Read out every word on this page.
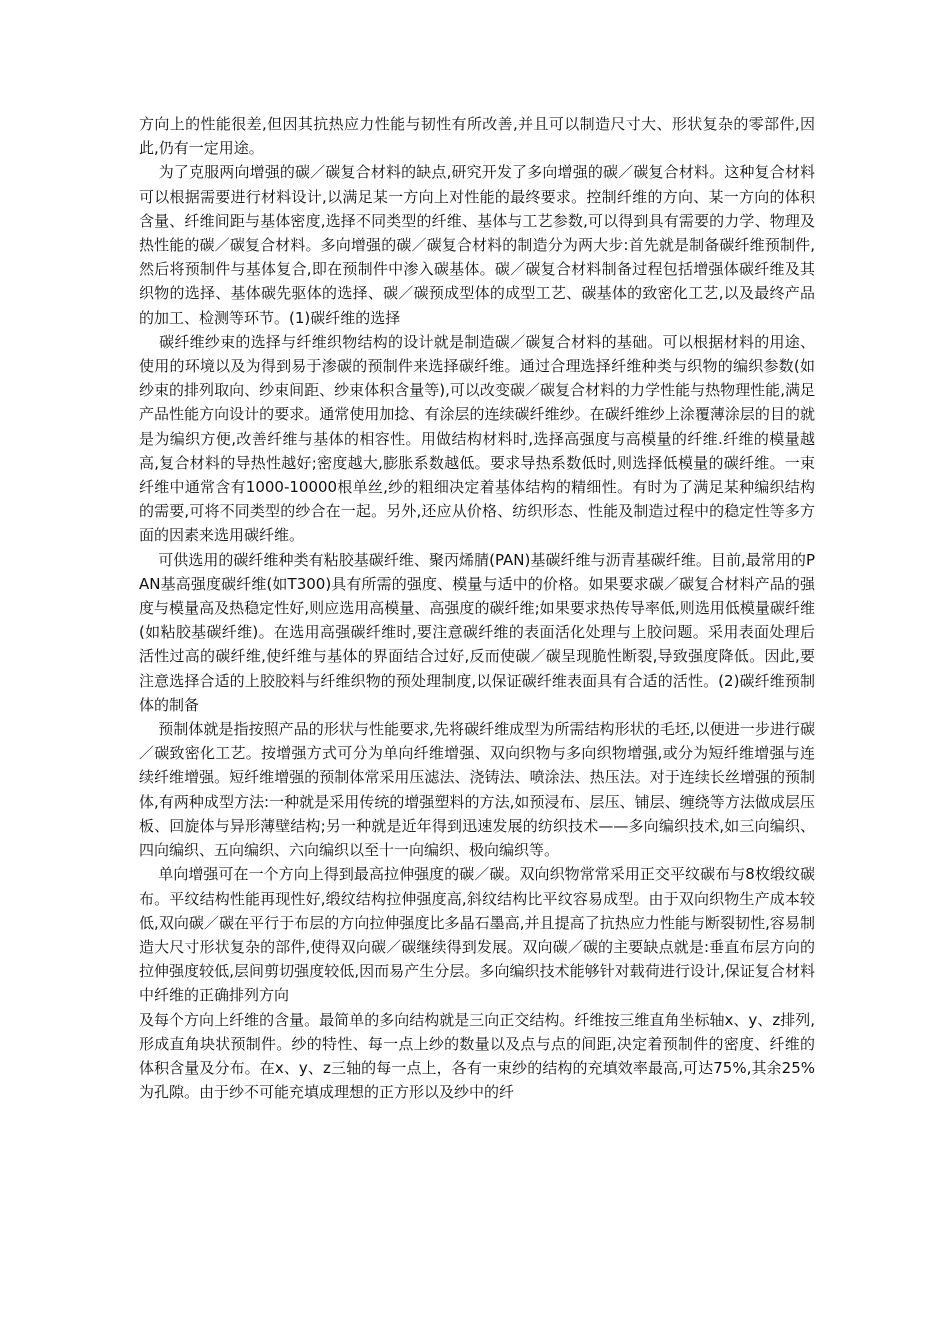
方向上的性能很差,但因其抗热应力性能与韧性有所改善,并且可以制造尺寸大、形状复杂的零部件,因此,仍有一定用途。

为了克服两向增强的碳／碳复合材料的缺点,研究开发了多向增强的碳／碳复合材料。这种复合材料可以根据需要进行材料设计,以满足某一方向上对性能的最终要求。控制纤维的方向、某一方向的体积含量、纤维间距与基体密度,选择不同类型的纤维、基体与工艺参数,可以得到具有需要的力学、物理及热性能的碳／碳复合材料。多向增强的碳／碳复合材料的制造分为两大步:首先就是制备碳纤维预制件,然后将预制件与基体复合,即在预制件中渗入碳基体。碳／碳复合材料制备过程包括增强体碳纤维及其织物的选择、基体碳先驱体的选择、碳／碳预成型体的成型工艺、碳基体的致密化工艺,以及最终产品的加工、检测等环节。(1)碳纤维的选择

碳纤维纱束的选择与纤维织物结构的设计就是制造碳／碳复合材料的基础。可以根据材料的用途、使用的环境以及为得到易于渗碳的预制件来选择碳纤维。通过合理选择纤维种类与织物的编织参数(如纱束的排列取向、纱束间距、纱束体积含量等),可以改变碳／碳复合材料的力学性能与热物理性能,满足产品性能方向设计的要求。通常使用加捻、有涂层的连续碳纤维纱。在碳纤维纱上涂覆薄涂层的目的就是为编织方便,改善纤维与基体的相容性。用做结构材料时,选择高强度与高模量的纤维.纤维的模量越高,复合材料的导热性越好;密度越大,膨胀系数越低。要求导热系数低时,则选择低模量的碳纤维。一束纤维中通常含有1000-10000根单丝,纱的粗细决定着基体结构的精细性。有时为了满足某种编织结构的需要,可将不同类型的纱合在一起。另外,还应从价格、纺织形态、性能及制造过程中的稳定性等多方面的因素来选用碳纤维。

可供选用的碳纤维种类有粘胶基碳纤维、聚丙烯腈(PAN)基碳纤维与沥青基碳纤维。目前,最常用的PAN基高强度碳纤维(如T300)具有所需的强度、模量与适中的价格。如果要求碳／碳复合材料产品的强度与模量高及热稳定性好,则应选用高模量、高强度的碳纤维;如果要求热传导率低,则选用低模量碳纤维(如粘胶基碳纤维)。在选用高强碳纤维时,要注意碳纤维的表面活化处理与上胶问题。采用表面处理后活性过高的碳纤维,使纤维与基体的界面结合过好,反而使碳／碳呈现脆性断裂,导致强度降低。因此,要注意选择合适的上胶胶料与纤维织物的预处理制度,以保证碳纤维表面具有合适的活性。(2)碳纤维预制体的制备

预制体就是指按照产品的形状与性能要求,先将碳纤维成型为所需结构形状的毛坯,以便进一步进行碳／碳致密化工艺。按增强方式可分为单向纤维增强、双向织物与多向织物增强,或分为短纤维增强与连续纤维增强。短纤维增强的预制体常采用压滤法、浇铸法、喷涂法、热压法。对于连续长丝增强的预制体,有两种成型方法:一种就是采用传统的增强塑料的方法,如预浸布、层压、铺层、缠绕等方法做成层压板、回旋体与异形薄壁结构;另一种就是近年得到迅速发展的纺织技术——多向编织技术,如三向编织、四向编织、五向编织、六向编织以至十一向编织、极向编织等。

单向增强可在一个方向上得到最高拉伸强度的碳／碳。双向织物常常采用正交平纹碳布与8枚缎纹碳布。平纹结构性能再现性好,缎纹结构拉伸强度高,斜纹结构比平纹容易成型。由于双向织物生产成本较低,双向碳／碳在平行于布层的方向拉伸强度比多晶石墨高,并且提高了抗热应力性能与断裂韧性,容易制造大尺寸形状复杂的部件,使得双向碳／碳继续得到发展。双向碳／碳的主要缺点就是:垂直布层方向的拉伸强度较低,层间剪切强度较低,因而易产生分层。多向编织技术能够针对载荷进行设计,保证复合材料中纤维的正确排列方向

及每个方向上纤维的含量。最简单的多向结构就是三向正交结构。纤维按三维直角坐标轴x、y、z排列,形成直角块状预制件。纱的特性、每一点上纱的数量以及点与点的间距,决定着预制件的密度、纤维的体积含量及分布。在x、y、z三轴的每一点上，各有一束纱的结构的充填效率最高,可达75%,其余25%为孔隙。由于纱不可能充填成理想的正方形以及纱中的纤
